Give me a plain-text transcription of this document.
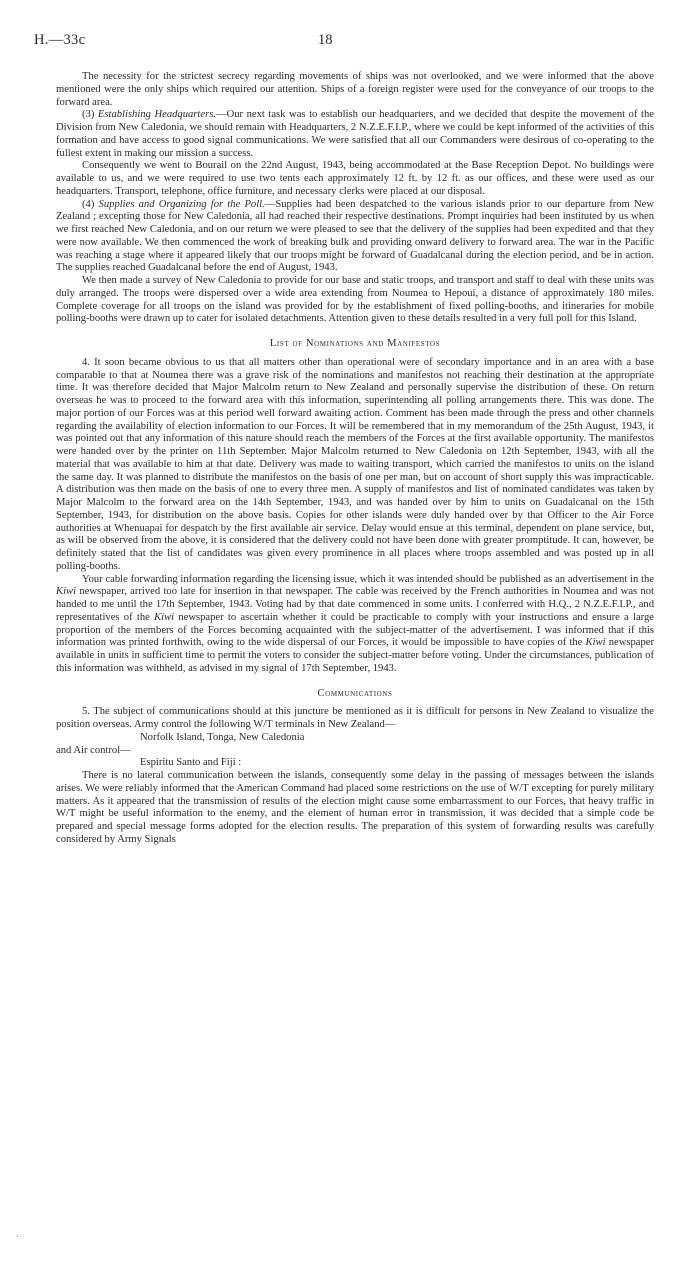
H.—33c	18

The necessity for the strictest secrecy regarding movements of ships was not overlooked, and we were informed that the above mentioned were the only ships which required our attention. Ships of a foreign register were used for the conveyance of our troops to the forward area.

(3) Establishing Headquarters.—Our next task was to establish our headquarters, and we decided that despite the movement of the Division from New Caledonia, we should remain with Headquarters, 2 N.Z.E.F.I.P., where we could be kept informed of the activities of this formation and have access to good signal communications. We were satisfied that all our Commanders were desirous of co-operating to the fullest extent in making our mission a success.

Consequently we went to Bourail on the 22nd August, 1943, being accommodated at the Base Reception Depot. No buildings were available to us, and we were required to use two tents each approximately 12 ft. by 12 ft. as our offices, and these were used as our headquarters. Transport, telephone, office furniture, and necessary clerks were placed at our disposal.

(4) Supplies and Organizing for the Poll.—Supplies had been despatched to the various islands prior to our departure from New Zealand ; excepting those for New Caledonia, all had reached their respective destinations. Prompt inquiries had been instituted by us when we first reached New Caledonia, and on our return we were pleased to see that the delivery of the supplies had been expedited and that they were now available. We then commenced the work of breaking bulk and providing onward delivery to forward area. The war in the Pacific was reaching a stage where it appeared likely that our troops might be forward of Guadalcanal during the election period, and be in action. The supplies reached Guadalcanal before the end of August, 1943.

We then made a survey of New Caledonia to provide for our base and static troops, and transport and staff to deal with these units was duly arranged. The troops were dispersed over a wide area extending from Noumea to Hepoui, a distance of approximately 180 miles. Complete coverage for all troops on the island was provided for by the establishment of fixed polling-booths, and itineraries for mobile polling-booths were drawn up to cater for isolated detachments. Attention given to these details resulted in a very full poll for this Island.

List of Nominations and Manifestos

4. It soon became obvious to us that all matters other than operational were of secondary importance and in an area with a base comparable to that at Noumea there was a grave risk of the nominations and manifestos not reaching their destination at the appropriate time. It was therefore decided that Major Malcolm return to New Zealand and personally supervise the distribution of these. On return overseas he was to proceed to the forward area with this information, superintending all polling arrangements there. This was done. The major portion of our Forces was at this period well forward awaiting action. Comment has been made through the press and other channels regarding the availability of election information to our Forces. It will be remembered that in my memorandum of the 25th August, 1943, it was pointed out that any information of this nature should reach the members of the Forces at the first available opportunity. The manifestos were handed over by the printer on 11th September. Major Malcolm returned to New Caledonia on 12th September, 1943, with all the material that was available to him at that date. Delivery was made to waiting transport, which carried the manifestos to units on the island the same day. It was planned to distribute the manifestos on the basis of one per man, but on account of short supply this was impracticable. A distribution was then made on the basis of one to every three men. A supply of manifestos and list of nominated candidates was taken by Major Malcolm to the forward area on the 14th September, 1943, and was handed over by him to units on Guadalcanal on the 15th September, 1943, for distribution on the above basis. Copies for other islands were duly handed over by that Officer to the Air Force authorities at Whenuapai for despatch by the first available air service. Delay would ensue at this terminal, dependent on plane service, but, as will be observed from the above, it is considered that the delivery could not have been done with greater promptitude. It can, however, be definitely stated that the list of candidates was given every prominence in all places where troops assembled and was posted up in all polling-booths.

Your cable forwarding information regarding the licensing issue, which it was intended should be published as an advertisement in the Kiwi newspaper, arrived too late for insertion in that newspaper. The cable was received by the French authorities in Noumea and was not handed to me until the 17th September, 1943. Voting had by that date commenced in some units. I conferred with H.Q., 2 N.Z.E.F.I.P., and representatives of the Kiwi newspaper to ascertain whether it could be practicable to comply with your instructions and ensure a large proportion of the members of the Forces becoming acquainted with the subject-matter of the advertisement. I was informed that if this information was printed forthwith, owing to the wide dispersal of our Forces, it would be impossible to have copies of the Kiwi newspaper available in units in sufficient time to permit the voters to consider the subject-matter before voting. Under the circumstances, publication of this information was withheld, as advised in my signal of 17th September, 1943.

Communications

5. The subject of communications should at this juncture be mentioned as it is difficult for persons in New Zealand to visualize the position overseas. Army control the following W/T terminals in New Zealand—

Norfolk Island, Tonga, New Caledonia

and Air control—

Espiritu Santo and Fiji :

There is no lateral communication between the islands, consequently some delay in the passing of messages between the islands arises. We were reliably informed that the American Command had placed some restrictions on the use of W/T excepting for purely military matters. As it appeared that the transmission of results of the election might cause some embarrassment to our Forces, that heavy traffic in W/T might be useful information to the enemy, and the element of human error in transmission, it was decided that a simple code be prepared and special message forms adopted for the election results. The preparation of this system of forwarding results was carefully considered by Army Signals
